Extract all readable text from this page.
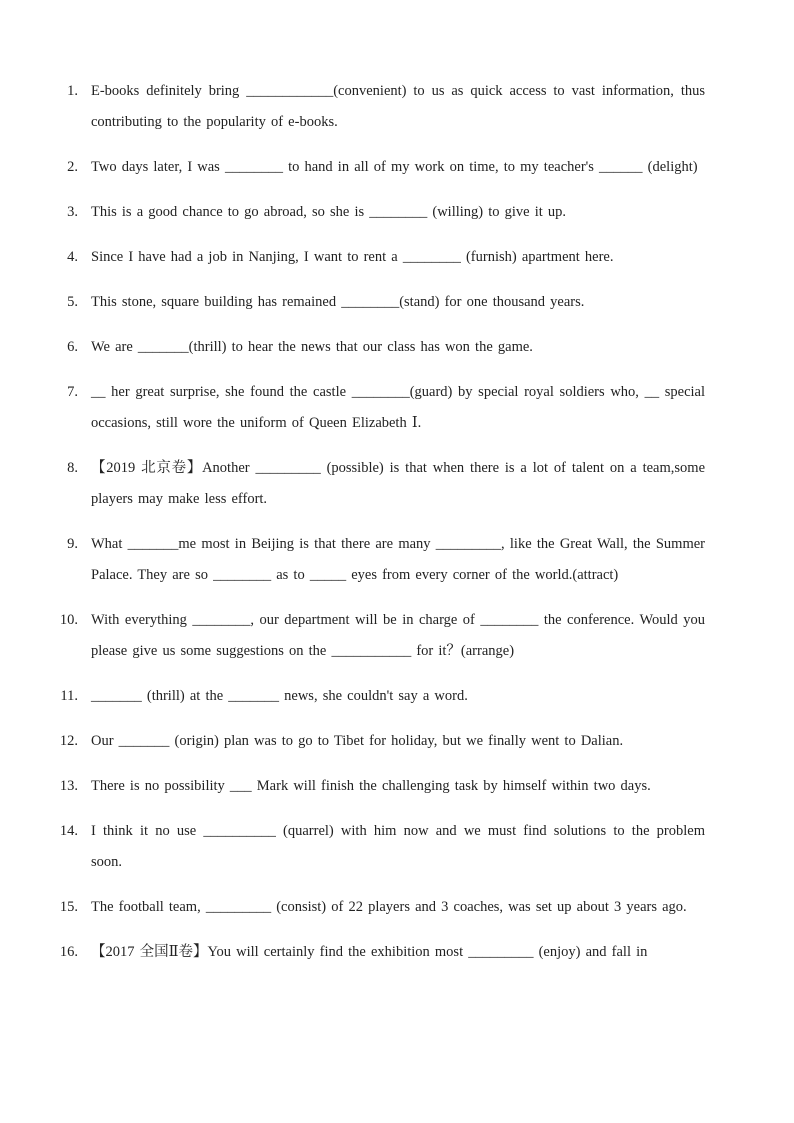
1. E-books definitely bring ____________(convenient) to us as quick access to vast information, thus contributing to the popularity of e-books.
2. Two days later, I was ________ to hand in all of my work on time, to my teacher's ______ (delight)
3. This is a good chance to go abroad, so she is ________ (willing) to give it up.
4. Since I have had a job in Nanjing, I want to rent a ________ (furnish) apartment here.
5. This stone, square building has remained ________(stand) for one thousand years.
6. We are _______(thrill) to hear the news that our class has won the game.
7. __ her great surprise, she found the castle ________(guard) by special royal soldiers who, __ special occasions, still wore the uniform of Queen Elizabeth Ⅰ.
8. 【2019 北京卷】Another _________ (possible) is that when there is a lot of talent on a team,some players may make less effort.
9. What _______me most in Beijing is that there are many _________, like the Great Wall, the Summer Palace. They are so ________ as to _____ eyes from every corner of the world.(attract)
10. With everything ________, our department will be in charge of ________ the conference. Would you please give us some suggestions on the ___________ for it？(arrange)
11. _______ (thrill) at the _______ news, she couldn't say a word.
12. Our _______ (origin) plan was to go to Tibet for holiday, but we finally went to Dalian.
13. There is no possibility ___ Mark will finish the challenging task by himself within two days.
14. I think it no use __________ (quarrel) with him now and we must find solutions to the problem soon.
15. The football team, _________ (consist) of 22 players and 3 coaches, was set up about 3 years ago.
16. 【2017 全国Ⅱ卷】You will certainly find the exhibition most _________ (enjoy) and fall in
